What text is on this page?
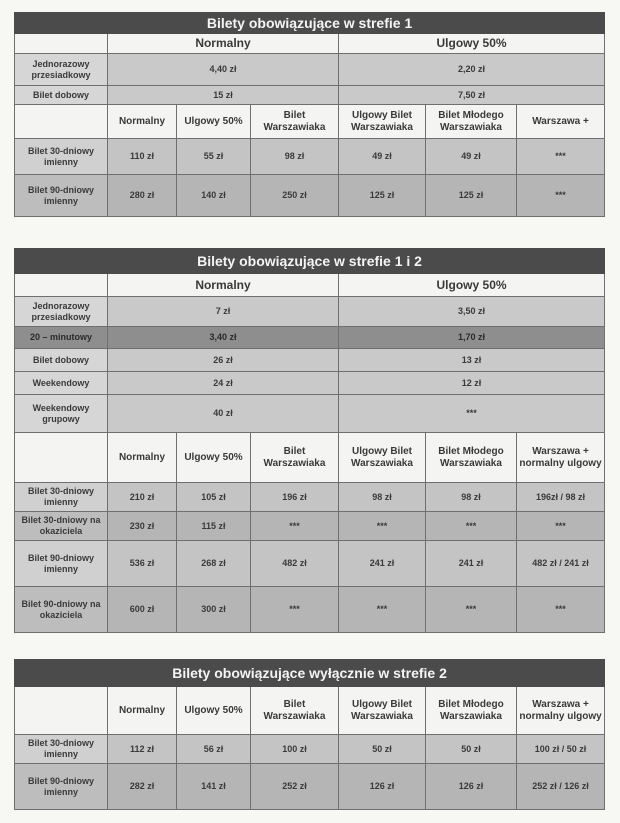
Bilety obowiązujące w strefie 1						
	Normalny			Ulgowy 50%		
Jednorazowy przesiadkowy	4,40 zł			2,20 zł		
Bilet dobowy	15 zł			7,50 zł		
	Normalny	Ulgowy 50%	Bilet Warszawiaka	Ulgowy Bilet Warszawiaka	Bilet Młodego Warszawiaka	Warszawa +
Bilet 30-dniowy imienny	110 zł	55 zł	98 zł	49 zł	49 zł	***
Bilet 90-dniowy imienny	280 zł	140 zł	250 zł	125 zł	125 zł	***
Bilety obowiązujące w strefie 1 i 2						
	Normalny			Ulgowy 50%		
Jednorazowy przesiadkowy	7 zł			3,50 zł		
20 – minutowy	3,40 zł			1,70 zł		
Bilet dobowy	26 zł			13 zł		
Weekendowy	24 zł			12 zł		
Weekendowy grupowy	40 zł			***		
	Normalny	Ulgowy 50%	Bilet Warszawiaka	Ulgowy Bilet Warszawiaka	Bilet Młodego Warszawiaka	Warszawa + normalny ulgowy
Bilet 30-dniowy imienny	210 zł	105 zł	196 zł	98 zł	98 zł	196zł / 98 zł
Bilet 30-dniowy na okaziciela	230 zł	115 zł	***	***	***	***
Bilet 90-dniowy imienny	536 zł	268 zł	482 zł	241 zł	241 zł	482 zł / 241 zł
Bilet 90-dniowy na okaziciela	600 zł	300 zł	***	***	***	***
Bilety obowiązujące wyłącznie w strefie 2						
	Normalny	Ulgowy 50%	Bilet Warszawiaka	Ulgowy Bilet Warszawiaka	Bilet Młodego Warszawiaka	Warszawa + normalny ulgowy
Bilet 30-dniowy imienny	112 zł	56 zł	100 zł	50 zł	50 zł	100 zł / 50 zł
Bilet 90-dniowy imienny	282 zł	141 zł	252 zł	126 zł	126 zł	252 zł / 126 zł
